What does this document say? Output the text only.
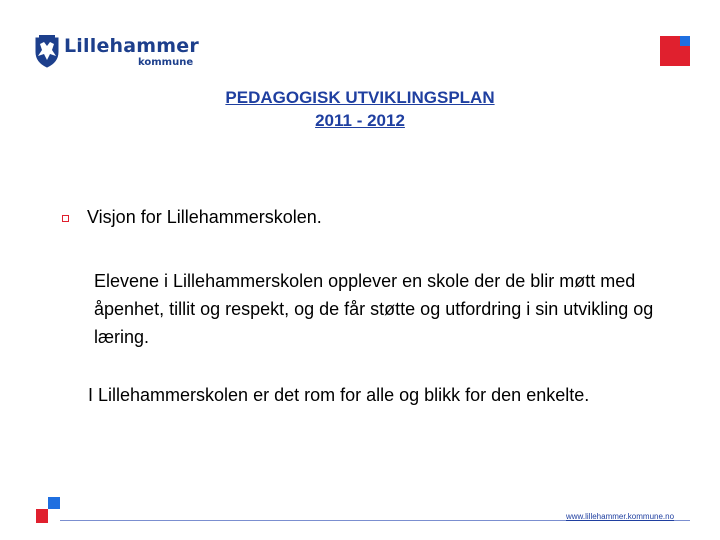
Lillehammer
kommune
PEDAGOGISK UTVIKLINGSPLAN
2011 - 2012
Visjon for Lillehammerskolen.
Elevene i Lillehammerskolen opplever en skole der de blir møtt med åpenhet, tillit og respekt, og de får støtte og utfordring i sin utvikling og læring.
I Lillehammerskolen er det rom for alle og blikk for den enkelte.
www.lillehammer.kommune.no
